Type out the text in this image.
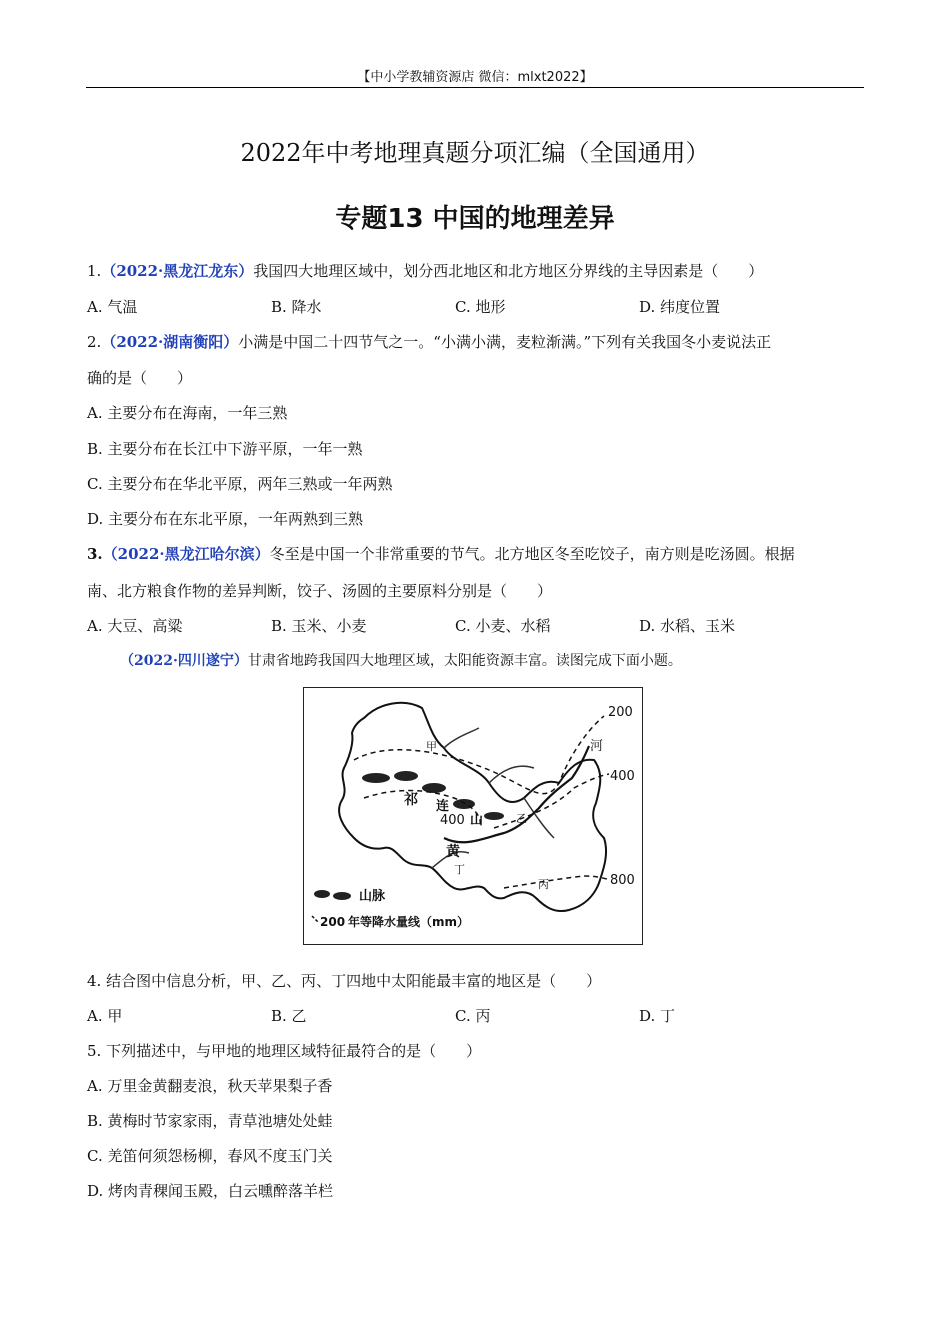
【中小学教辅资源店 微信：mlxt2022】
2022年中考地理真题分项汇编（全国通用）
专题13 中国的地理差异
1.（2022·黑龙江龙东）我国四大地理区域中，划分西北地区和北方地区分界线的主导因素是（　　）
A. 气温	B. 降水	C. 地形	D. 纬度位置
2.（2022·湖南衡阳）小满是中国二十四节气之一。“小满小满，麦粒渐满。”下列有关我国冬小麦说法正
确的是（　　）
A. 主要分布在海南，一年三熟
B. 主要分布在长江中下游平原，一年一熟
C. 主要分布在华北平原，两年三熟或一年两熟
D. 主要分布在东北平原，一年两熟到三熟
3.（2022·黑龙江哈尔滨）冬至是中国一个非常重要的节气。北方地区冬至吃饺子，南方则是吃汤圆。根据
南、北方粮食作物的差异判断，饺子、汤圆的主要原料分别是（　　）
A. 大豆、高粱	B. 玉米、小麦	C. 小麦、水稻	D. 水稻、玉米
（2022·四川遂宁）甘肃省地跨我国四大地理区域，太阳能资源丰富。读图完成下面小题。
甲	河
200
400
祁 连
400 山	乙
黄
丁
丙	800
山脉
200 年等降水量线（mm）
4. 结合图中信息分析，甲、乙、丙、丁四地中太阳能最丰富的地区是（　　）
A. 甲	B. 乙	C. 丙	D. 丁
5. 下列描述中，与甲地的地理区域特征最符合的是（　　）
A. 万里金黄翻麦浪，秋天苹果梨子香
B. 黄梅时节家家雨，青草池塘处处蛙
C. 羌笛何须怨杨柳，春风不度玉门关
D. 烤肉青稞闻玉殿，白云曛醉落羊栏
